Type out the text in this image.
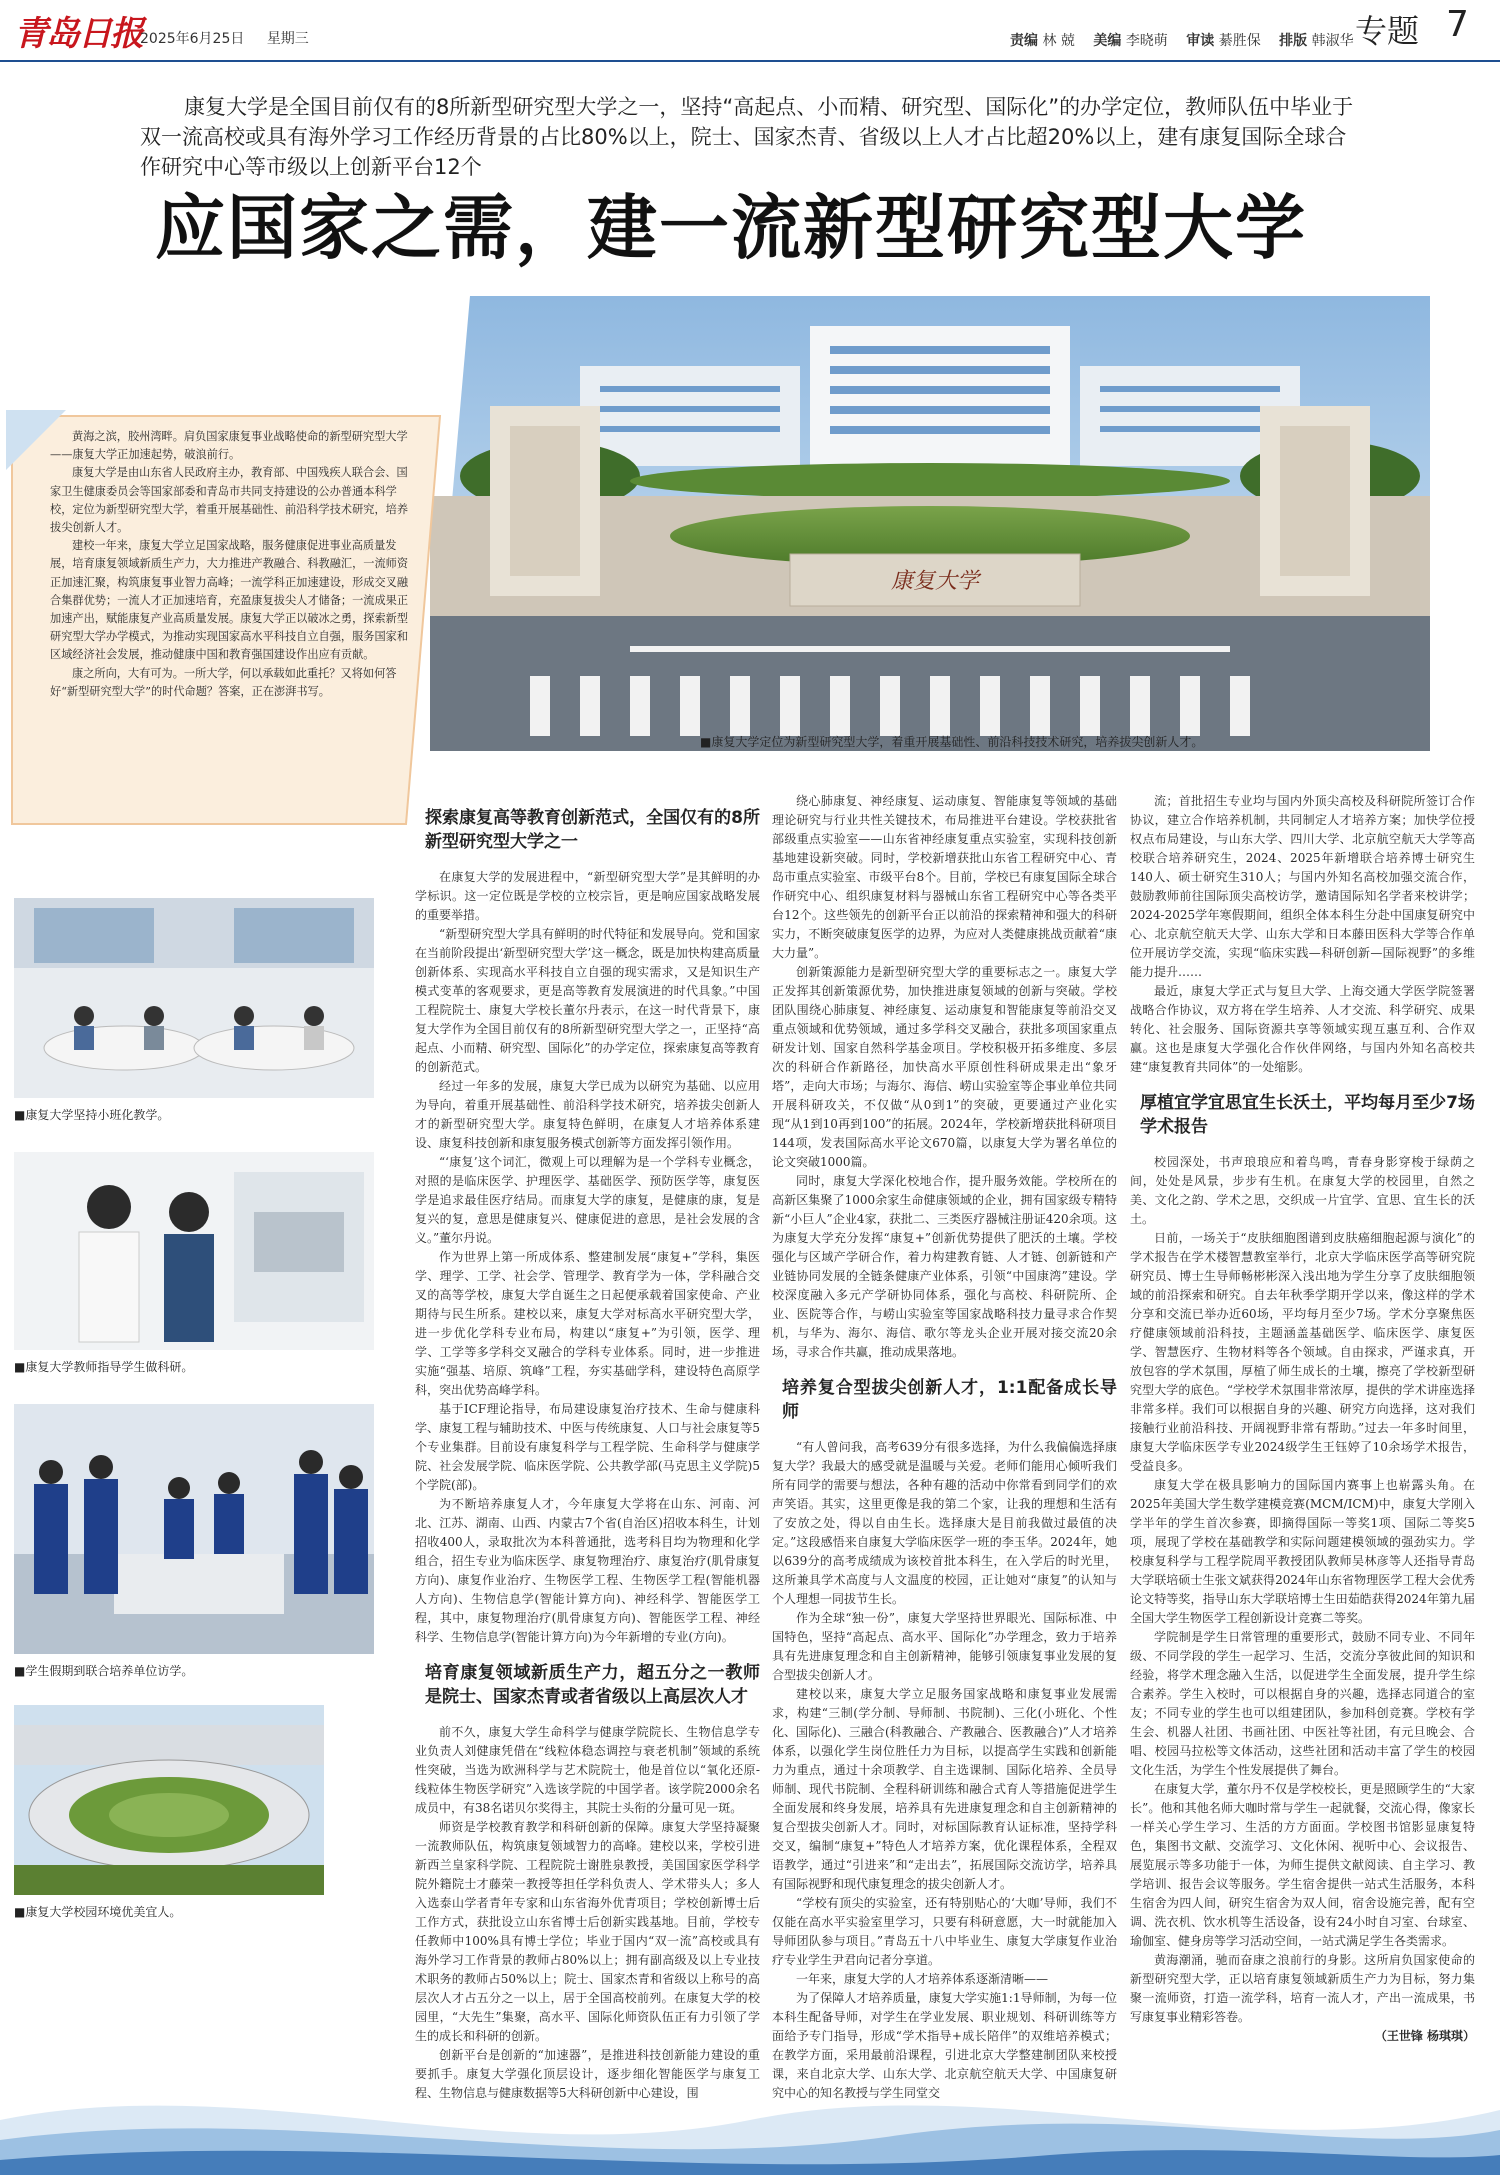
青岛日报
2025年6月25日 星期三	责编 林 兢 美编 李晓萌 审读 綦胜保 排版 韩淑华 专题 7
康复大学是全国目前仅有的8所新型研究型大学之一，坚持“高起点、小而精、研究型、国际化”的办学定位，教师队伍中毕业于双一流高校或具有海外学习工作经历背景的占比80%以上，院士、国家杰青、省级以上人才占比超20%以上，建有康复国际全球合作研究中心等市级以上创新平台12个
应国家之需，建一流新型研究型大学
康复大学
■康复大学定位为新型研究型大学，着重开展基础性、前沿科技技术研究，培养拔尖创新人才。

黄海之滨，胶州湾畔。肩负国家康复事业战略使命的新型研究型大学——康复大学正加速起势，破浪前行。

康复大学是由山东省人民政府主办，教育部、中国残疾人联合会、国家卫生健康委员会等国家部委和青岛市共同支持建设的公办普通本科学校，定位为新型研究型大学，着重开展基础性、前沿科学技术研究，培养拔尖创新人才。

建校一年来，康复大学立足国家战略，服务健康促进事业高质量发展，培育康复领域新质生产力，大力推进产教融合、科教融汇，一流师资正加速汇聚，构筑康复事业智力高峰；一流学科正加速建设，形成交叉融合集群优势；一流人才正加速培育，充盈康复拔尖人才储备；一流成果正加速产出，赋能康复产业高质量发展。康复大学正以破冰之勇，探索新型研究型大学办学模式，为推动实现国家高水平科技自立自强，服务国家和区域经济社会发展，推动健康中国和教育强国建设作出应有贡献。

康之所向，大有可为。一所大学，何以承载如此重托？又将如何答好“新型研究型大学”的时代命题？答案，正在澎湃书写。

■康复大学坚持小班化教学。
■康复大学教师指导学生做科研。
■学生假期到联合培养单位访学。
■康复大学校园环境优美宜人。

探索康复高等教育创新范式，全国仅有的8所新型研究型大学之一

在康复大学的发展进程中，“新型研究型大学”是其鲜明的办学标识。这一定位既是学校的立校宗旨，更是响应国家战略发展的重要举措。

“新型研究型大学具有鲜明的时代特征和发展导向。党和国家在当前阶段提出‘新型研究型大学’这一概念，既是加快构建高质量创新体系、实现高水平科技自立自强的现实需求，又是知识生产模式变革的客观要求，更是高等教育发展演进的时代具象。”中国工程院院士、康复大学校长董尔丹表示，在这一时代背景下，康复大学作为全国目前仅有的8所新型研究型大学之一，正坚持“高起点、小而精、研究型、国际化”的办学定位，探索康复高等教育的创新范式。

经过一年多的发展，康复大学已成为以研究为基础、以应用为导向，着重开展基础性、前沿科学技术研究，培养拔尖创新人才的新型研究型大学。康复特色鲜明，在康复人才培养体系建设、康复科技创新和康复服务模式创新等方面发挥引领作用。

“‘康复’这个词汇，微观上可以理解为是一个学科专业概念，对照的是临床医学、护理医学、基础医学、预防医学等，康复医学是追求最佳医疗结局。而康复大学的康复，是健康的康，复是复兴的复，意思是健康复兴、健康促进的意思，是社会发展的含义。”董尔丹说。

作为世界上第一所成体系、整建制发展“康复+”学科，集医学、理学、工学、社会学、管理学、教育学为一体，学科融合交叉的高等学校，康复大学自诞生之日起便承载着国家使命、产业期待与民生所系。建校以来，康复大学对标高水平研究型大学，进一步优化学科专业布局，构建以“康复+”为引领，医学、理学、工学等多学科交叉融合的学科专业体系。同时，进一步推进实施“强基、培原、筑峰”工程，夯实基础学科，建设特色高原学科，突出优势高峰学科。

基于ICF理论指导，布局建设康复治疗技术、生命与健康科学、康复工程与辅助技术、中医与传统康复、人口与社会康复等5个专业集群。目前设有康复科学与工程学院、生命科学与健康学院、社会发展学院、临床医学院、公共教学部(马克思主义学院)5个学院(部)。

为不断培养康复人才，今年康复大学将在山东、河南、河北、江苏、湖南、山西、内蒙古7个省(自治区)招收本科生，计划招收400人，录取批次为本科普通批，选考科目均为物理和化学组合，招生专业为临床医学、康复物理治疗、康复治疗(肌骨康复方向)、康复作业治疗、生物医学工程、生物医学工程(智能机器人方向)、生物信息学(智能计算方向)、神经科学、智能医学工程，其中，康复物理治疗(肌骨康复方向)、智能医学工程、神经科学、生物信息学(智能计算方向)为今年新增的专业(方向)。

培育康复领域新质生产力，超五分之一教师是院士、国家杰青或者省级以上高层次人才

前不久，康复大学生命科学与健康学院院长、生物信息学专业负责人刘健康凭借在“线粒体稳态调控与衰老机制”领域的系统性突破，当选为欧洲科学与艺术院院士，他是首位以“氧化还原-线粒体生物医学研究”入选该学院的中国学者。该学院2000余名成员中，有38名诺贝尔奖得主，其院士头衔的分量可见一斑。

师资是学校教育教学和科研创新的保障。康复大学坚持凝聚一流教师队伍，构筑康复领域智力的高峰。建校以来，学校引进新西兰皇家科学院、工程院院士谢胜泉教授，美国国家医学科学院外籍院士才藤荣一教授等担任学科负责人、学术带头人；多人入选泰山学者青年专家和山东省海外优青项目；学校创新博士后工作方式，获批设立山东省博士后创新实践基地。目前，学校专任教师中100%具有博士学位；毕业于国内“双一流”高校或具有海外学习工作背景的教师占80%以上；拥有副高级及以上专业技术职务的教师占50%以上；院士、国家杰青和省级以上称号的高层次人才占五分之一以上，居于全国高校前列。在康复大学的校园里，“大先生”集聚，高水平、国际化师资队伍正有力引领了学生的成长和科研的创新。

创新平台是创新的“加速器”，是推进科技创新能力建设的重要抓手。康复大学强化顶层设计，逐步细化智能医学与康复工程、生物信息与健康数据等5大科研创新中心建设，围

绕心肺康复、神经康复、运动康复、智能康复等领域的基础理论研究与行业共性关键技术，布局推进平台建设。学校获批省部级重点实验室——山东省神经康复重点实验室，实现科技创新基地建设新突破。同时，学校新增获批山东省工程研究中心、青岛市重点实验室、市级平台8个。目前，学校已有康复国际全球合作研究中心、组织康复材料与器械山东省工程研究中心等各类平台12个。这些领先的创新平台正以前沿的探索精神和强大的科研实力，不断突破康复医学的边界，为应对人类健康挑战贡献着“康大力量”。

创新策源能力是新型研究型大学的重要标志之一。康复大学正发挥其创新策源优势，加快推进康复领域的创新与突破。学校团队围绕心肺康复、神经康复、运动康复和智能康复等前沿交叉重点领域和优势领域，通过多学科交叉融合，获批多项国家重点研发计划、国家自然科学基金项目。学校积极开拓多维度、多层次的科研合作新路径，加快高水平原创性科研成果走出“象牙塔”，走向大市场；与海尔、海信、崂山实验室等企事业单位共同开展科研攻关，不仅做“从0到1”的突破，更要通过产业化实现“从1到10再到100”的拓展。2024年，学校新增获批科研项目144项，发表国际高水平论文670篇，以康复大学为署名单位的论文突破1000篇。

同时，康复大学深化校地合作，提升服务效能。学校所在的高新区集聚了1000余家生命健康领域的企业，拥有国家级专精特新“小巨人”企业4家，获批二、三类医疗器械注册证420余项。这为康复大学充分发挥“康复+”创新优势提供了肥沃的土壤。学校强化与区域产学研合作，着力构建教育链、人才链、创新链和产业链协同发展的全链条健康产业体系，引领“中国康湾”建设。学校深度融入多元产学研协同体系，强化与高校、科研院所、企业、医院等合作，与崂山实验室等国家战略科技力量寻求合作契机，与华为、海尔、海信、歌尔等龙头企业开展对接交流20余场，寻求合作共赢，推动成果落地。

培养复合型拔尖创新人才，1:1配备成长导师

“有人曾问我，高考639分有很多选择，为什么我偏偏选择康复大学？我最大的感受就是温暖与关爱。老师们能用心倾听我们所有同学的需要与想法，各种有趣的活动中你常看到同学们的欢声笑语。其实，这里更像是我的第二个家，让我的理想和生活有了安放之处，得以自由生长。选择康大是目前我做过最值的决定。”这段感悟来自康复大学临床医学一班的李玉华。2024年，她以639分的高考成绩成为该校首批本科生，在入学后的时光里，这所兼具学术高度与人文温度的校园，正让她对“康复”的认知与个人理想一同拔节生长。

作为全球“独一份”，康复大学坚持世界眼光、国际标准、中国特色，坚持“高起点、高水平、国际化”办学理念，致力于培养具有先进康复理念和自主创新精神，能够引领康复事业发展的复合型拔尖创新人才。

建校以来，康复大学立足服务国家战略和康复事业发展需求，构建“三制(学分制、导师制、书院制)、三化(小班化、个性化、国际化)、三融合(科教融合、产教融合、医教融合)”人才培养体系，以强化学生岗位胜任力为目标，以提高学生实践和创新能力为重点，通过十余项教学、自主选课制、国际化培养、全员导师制、现代书院制、全程科研训练和融合式育人等措施促进学生全面发展和终身发展，培养具有先进康复理念和自主创新精神的复合型拔尖创新人才。同时，对标国际教育认证标准，坚持学科交叉，编制“康复+”特色人才培养方案，优化课程体系，全程双语教学，通过“引进来”和“走出去”，拓展国际交流访学，培养具有国际视野和现代康复理念的拔尖创新人才。

“学校有顶尖的实验室，还有特别贴心的‘大咖’导师，我们不仅能在高水平实验室里学习，只要有科研意愿，大一时就能加入导师团队参与项目。”青岛五十八中毕业生、康复大学康复作业治疗专业学生尹君向记者分享道。

一年来，康复大学的人才培养体系逐渐清晰——

为了保障人才培养质量，康复大学实施1:1导师制，为每一位本科生配备导师，对学生在学业发展、职业规划、科研训练等方面给予专门指导，形成“学术指导+成长陪伴”的双维培养模式；在教学方面，采用最前沿课程，引进北京大学整建制团队来校授课，来自北京大学、山东大学、北京航空航天大学、中国康复研究中心的知名教授与学生同堂交

流；首批招生专业均与国内外顶尖高校及科研院所签订合作协议，建立合作培养机制，共同制定人才培养方案；加快学位授权点布局建设，与山东大学、四川大学、北京航空航天大学等高校联合培养研究生，2024、2025年新增联合培养博士研究生140人、硕士研究生310人；与国内外知名高校加强交流合作，鼓励教师前往国际顶尖高校访学，邀请国际知名学者来校讲学；2024-2025学年寒假期间，组织全体本科生分赴中国康复研究中心、北京航空航天大学、山东大学和日本藤田医科大学等合作单位开展访学交流，实现“临床实践—科研创新—国际视野”的多维能力提升……

最近，康复大学正式与复旦大学、上海交通大学医学院签署战略合作协议，双方将在学生培养、人才交流、科学研究、成果转化、社会服务、国际资源共享等领域实现互惠互利、合作双赢。这也是康复大学强化合作伙伴网络，与国内外知名高校共建“康复教育共同体”的一处缩影。

厚植宜学宜思宜生长沃土，平均每月至少7场学术报告

校园深处，书声琅琅应和着鸟鸣，青春身影穿梭于绿荫之间，处处是风景，步步有生机。在康复大学的校园里，自然之美、文化之韵、学术之思，交织成一片宜学、宜思、宜生长的沃土。

日前，一场关于“皮肤细胞图谱到皮肤癌细胞起源与演化”的学术报告在学术楼智慧教室举行，北京大学临床医学高等研究院研究员、博士生导师畅彬彬深入浅出地为学生分享了皮肤细胞领域的前沿探索和研究。自去年秋季学期开学以来，像这样的学术分享和交流已举办近60场，平均每月至少7场。学术分享聚焦医疗健康领域前沿科技，主题涵盖基础医学、临床医学、康复医学、智慧医疗、生物材料等各个领域。自由探求，严谨求真，开放包容的学术氛围，厚植了师生成长的土壤，擦亮了学校新型研究型大学的底色。“学校学术氛围非常浓厚，提供的学术讲座选择非常多样。我们可以根据自身的兴趣、研究方向选择，这对我们接触行业前沿科技、开阔视野非常有帮助。”过去一年多时间里，康复大学临床医学专业2024级学生王钰婷了10余场学术报告，受益良多。

康复大学在极具影响力的国际国内赛事上也崭露头角。在2025年美国大学生数学建模竞赛(MCM/ICM)中，康复大学刚入学半年的学生首次参赛，即摘得国际一等奖1项、国际二等奖5项，展现了学校在基础教学和实际问题建模领域的强劲实力。学校康复科学与工程学院周平教授团队教师吴林彦等人还指导青岛大学联培硕士生张文斌获得2024年山东省物理医学工程大会优秀论文特等奖，指导山东大学联培博士生田茹皓获得2024年第九届全国大学生物医学工程创新设计竞赛二等奖。

学院制是学生日常管理的重要形式，鼓励不同专业、不同年级、不同学段的学生一起学习、生活，交流分享彼此间的知识和经验，将学术理念融入生活，以促进学生全面发展，提升学生综合素养。学生入校时，可以根据自身的兴趣，选择志同道合的室友；不同专业的学生也可以组建团队，参加科创竞赛。学校有学生会、机器人社团、书画社团、中医社等社团，有元旦晚会、合唱、校园马拉松等文体活动，这些社团和活动丰富了学生的校园文化生活，为学生个性发展提供了舞台。

在康复大学，董尔丹不仅是学校校长，更是照顾学生的“大家长”。他和其他名师大咖时常与学生一起就餐，交流心得，像家长一样关心学生学习、生活的方方面面。学校图书馆影显康复特色，集图书文献、交流学习、文化休闲、视听中心、会议报告、展览展示等多功能于一体，为师生提供文献阅读、自主学习、教学培训、报告会议等服务。学生宿舍提供一站式生活服务，本科生宿舍为四人间，研究生宿舍为双人间，宿舍设施完善，配有空调、洗衣机、饮水机等生活设备，设有24小时自习室、台球室、瑜伽室、健身房等学习活动空间，一站式满足学生各类需求。

黄海潮涌，驰而奋康之浪前行的身影。这所肩负国家使命的新型研究型大学，正以培育康复领域新质生产力为目标，努力集聚一流师资，打造一流学科，培育一流人才，产出一流成果，书写康复事业精彩答卷。

（王世锋 杨琪琪）
